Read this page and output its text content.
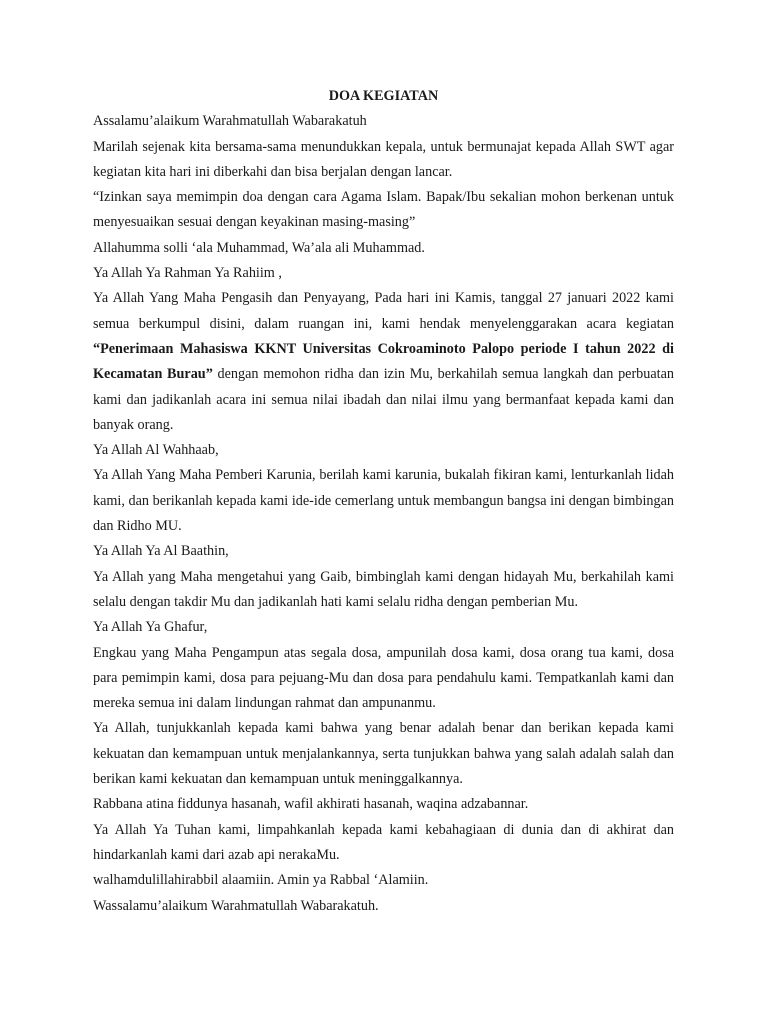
DOA KEGIATAN

Assalamu’alaikum Warahmatullah Wabarakatuh

Marilah sejenak kita bersama-sama menundukkan kepala, untuk bermunajat kepada Allah SWT agar kegiatan kita hari ini diberkahi dan bisa berjalan dengan lancar.

“Izinkan saya memimpin doa dengan cara Agama Islam. Bapak/Ibu sekalian mohon berkenan untuk menyesuaikan sesuai dengan keyakinan masing-masing”

Allahumma solli ‘ala Muhammad, Wa’ala ali Muhammad.

Ya Allah Ya Rahman Ya Rahiim ,

Ya Allah Yang Maha Pengasih dan Penyayang, Pada hari ini Kamis, tanggal 27 januari 2022 kami semua berkumpul disini, dalam ruangan ini, kami hendak menyelenggarakan acara kegiatan “Penerimaan Mahasiswa KKNT Universitas Cokroaminoto Palopo periode I tahun 2022 di Kecamatan Burau” dengan memohon ridha dan izin Mu, berkahilah semua langkah dan perbuatan kami dan jadikanlah acara ini semua nilai ibadah dan nilai ilmu yang bermanfaat kepada kami dan banyak orang.

Ya Allah Al Wahhaab,

Ya Allah Yang Maha Pemberi Karunia, berilah kami karunia, bukalah fikiran kami, lenturkanlah lidah kami, dan berikanlah kepada kami ide-ide cemerlang untuk membangun bangsa ini dengan bimbingan dan Ridho MU.

Ya Allah Ya Al Baathin,

Ya Allah yang Maha mengetahui yang Gaib, bimbinglah kami dengan hidayah Mu, berkahilah kami selalu dengan takdir Mu dan jadikanlah hati kami selalu ridha dengan pemberian Mu.

Ya Allah Ya Ghafur,

Engkau yang Maha Pengampun atas segala dosa, ampunilah dosa kami, dosa orang tua kami, dosa para pemimpin kami, dosa para pejuang-Mu dan dosa para pendahulu kami. Tempatkanlah kami dan mereka semua ini dalam lindungan rahmat dan ampunanmu.

Ya Allah, tunjukkanlah kepada kami bahwa yang benar adalah benar dan berikan kepada kami kekuatan dan kemampuan untuk menjalankannya, serta tunjukkan bahwa yang salah adalah salah dan berikan kami kekuatan dan kemampuan untuk meninggalkannya.

Rabbana atina fiddunya hasanah, wafil akhirati hasanah, waqina adzabannar.

Ya Allah Ya Tuhan kami, limpahkanlah kepada kami kebahagiaan di dunia dan di akhirat dan hindarkanlah kami dari azab api nerakaMu.

walhamdulillahirabbil alaamiin. Amin ya Rabbal ‘Alamiin.

Wassalamu’alaikum Warahmatullah Wabarakatuh.
